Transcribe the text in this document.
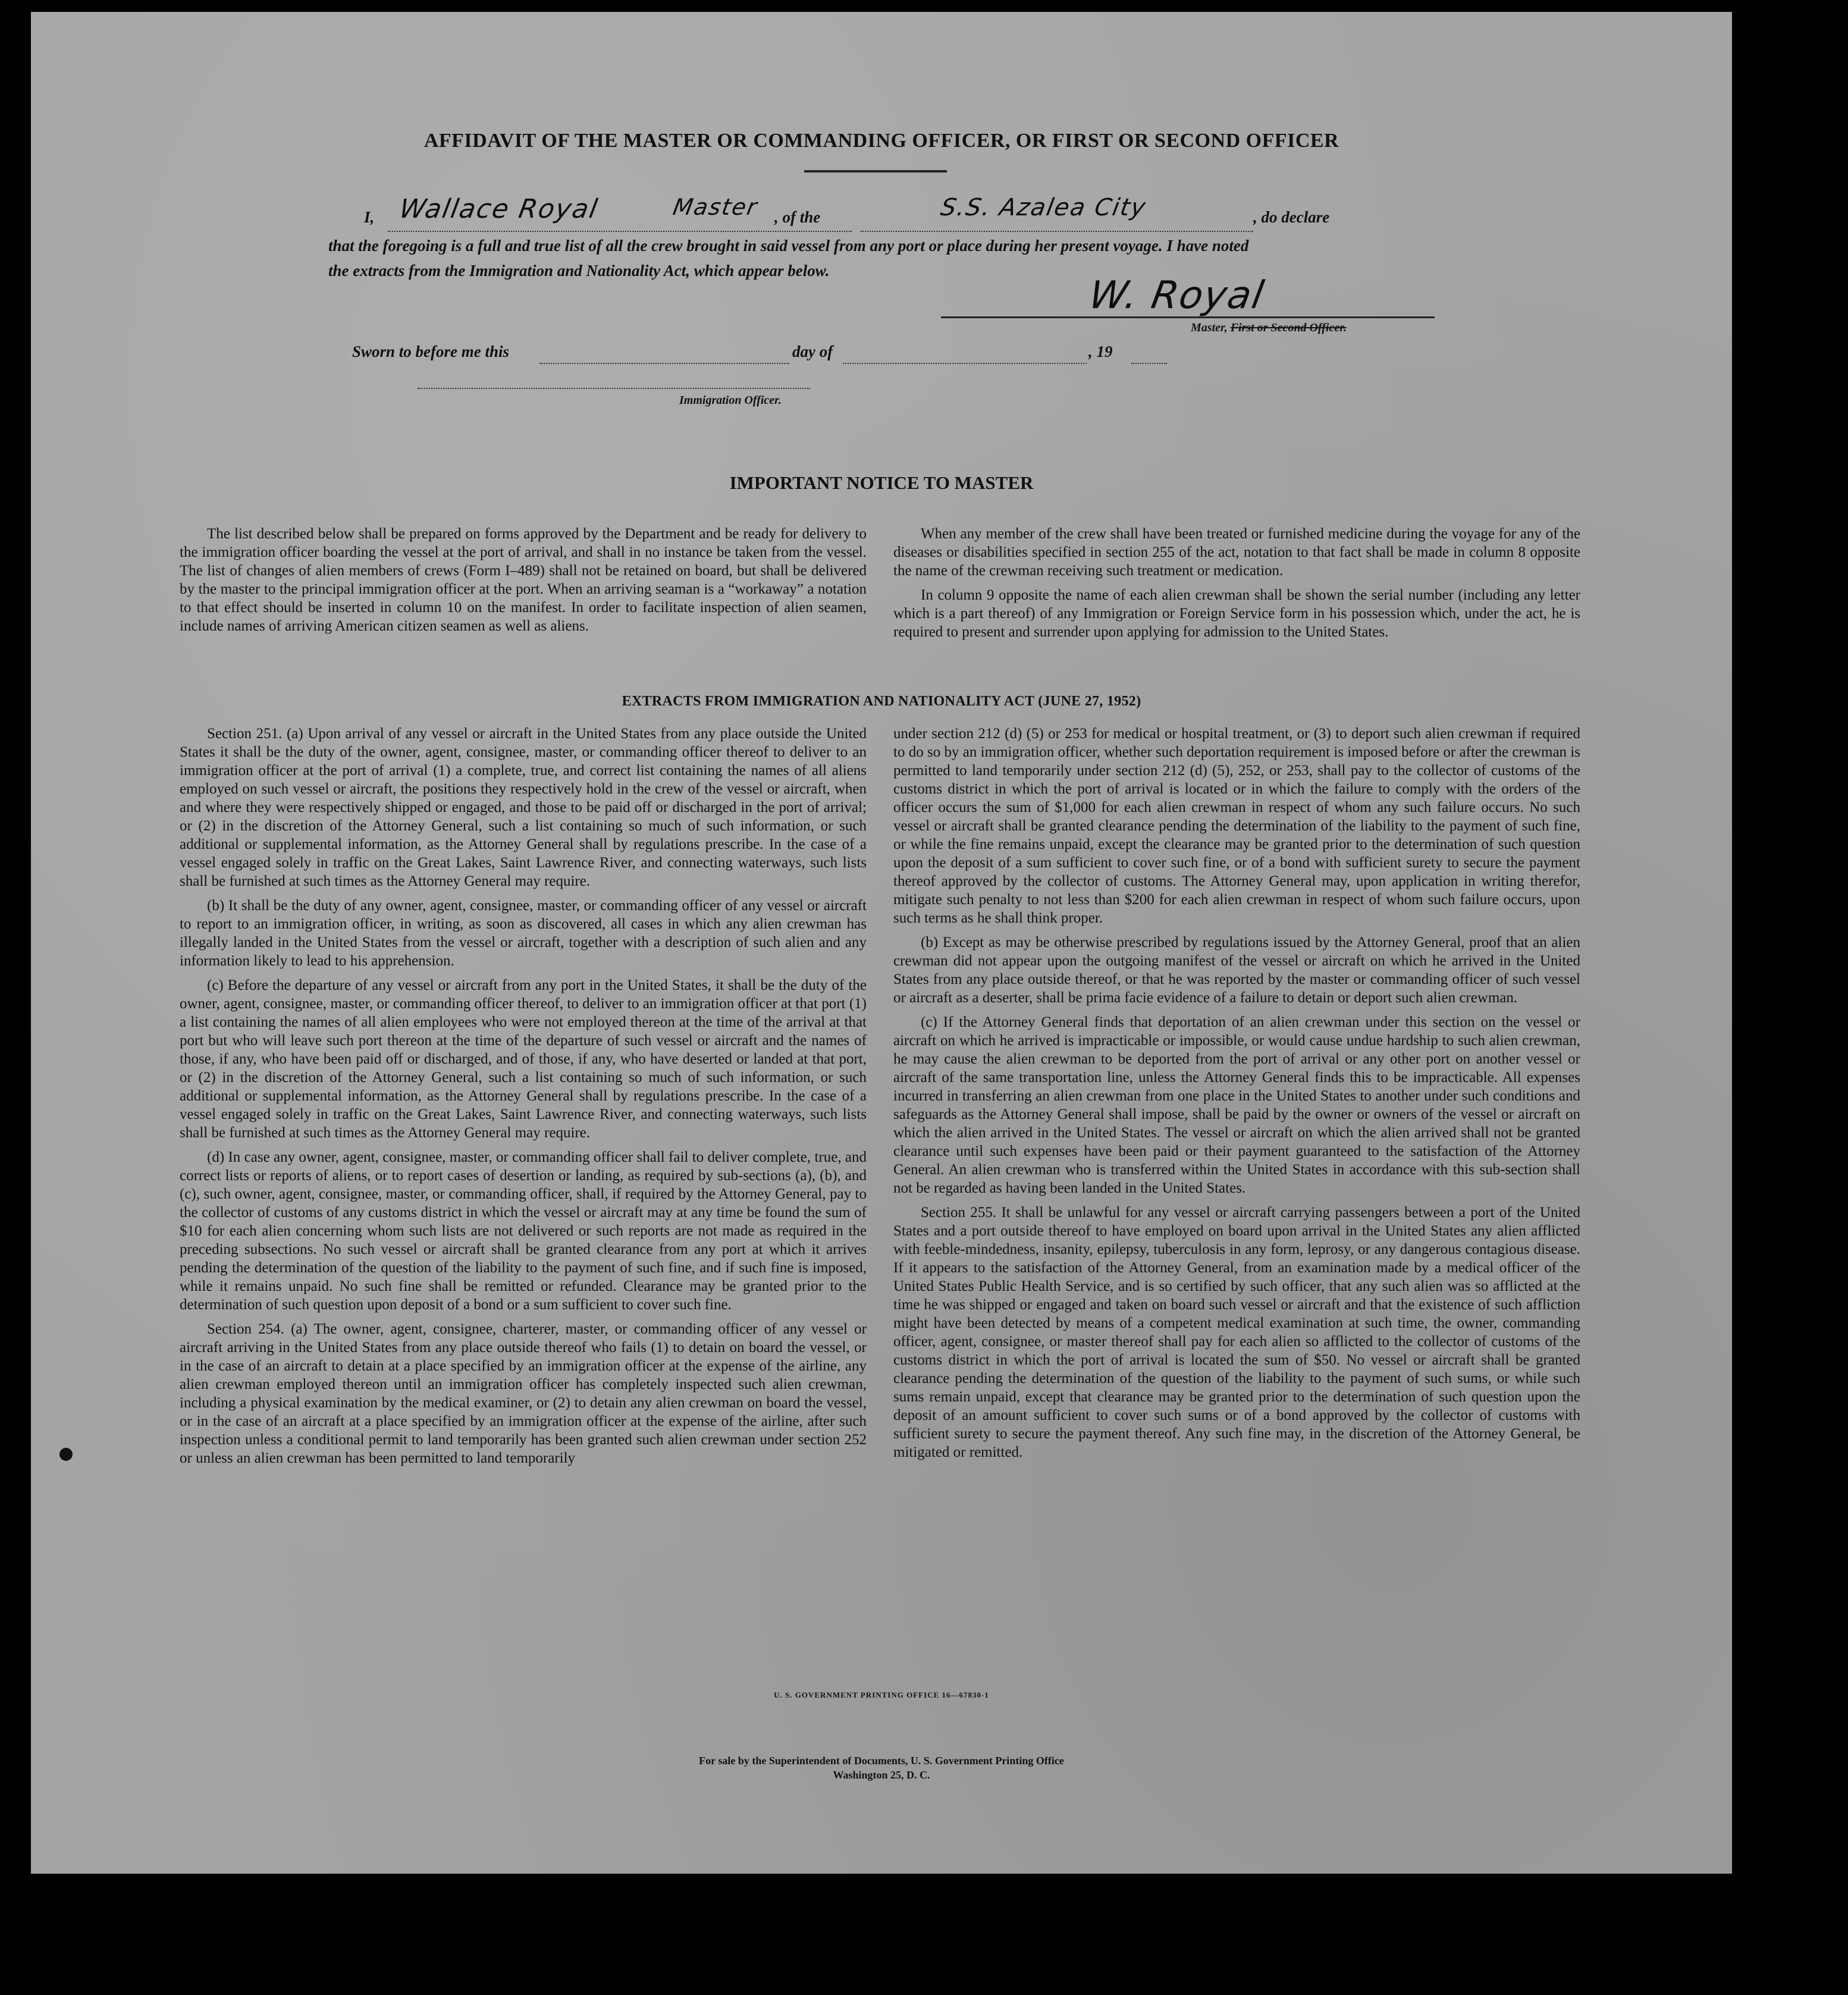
AFFIDAVIT OF THE MASTER OR COMMANDING OFFICER, OR FIRST OR SECOND OFFICER
I, Wallace Royal	Master , of the	S.S. Azalea City	, do declare
that the foregoing is a full and true list of all the crew brought in said vessel from any port or place during her present voyage. I have noted
the extracts from the Immigration and Nationality Act, which appear below.
W. Royal
Master, First or Second Officer.
Sworn to before me this	day of	, 19
Immigration Officer.
IMPORTANT NOTICE TO MASTER

The list described below shall be prepared on forms approved by the Department and be ready for delivery to the immigration officer boarding the vessel at the port of arrival, and shall in no instance be taken from the vessel. The list of changes of alien members of crews (Form I–489) shall not be retained on board, but shall be delivered by the master to the principal immigration officer at the port. When an arriving seaman is a “workaway” a notation to that effect should be inserted in column 10 on the manifest. In order to facilitate inspection of alien seamen, include names of arriving American citizen seamen as well as aliens.

When any member of the crew shall have been treated or furnished medicine during the voyage for any of the diseases or disabilities specified in section 255 of the act, notation to that fact shall be made in column 8 opposite the name of the crewman receiving such treatment or medication.

In column 9 opposite the name of each alien crewman shall be shown the serial number (including any letter which is a part thereof) of any Immigration or Foreign Service form in his possession which, under the act, he is required to present and surrender upon applying for admission to the United States.

EXTRACTS FROM IMMIGRATION AND NATIONALITY ACT (JUNE 27, 1952)

Section 251. (a) Upon arrival of any vessel or aircraft in the United States from any place outside the United States it shall be the duty of the owner, agent, consignee, master, or commanding officer thereof to deliver to an immigration officer at the port of arrival (1) a complete, true, and correct list containing the names of all aliens employed on such vessel or aircraft, the positions they respectively hold in the crew of the vessel or aircraft, when and where they were respectively shipped or engaged, and those to be paid off or discharged in the port of arrival; or (2) in the discretion of the Attorney General, such a list containing so much of such information, or such additional or supplemental information, as the Attorney General shall by regulations prescribe. In the case of a vessel engaged solely in traffic on the Great Lakes, Saint Lawrence River, and connecting waterways, such lists shall be furnished at such times as the Attorney General may require.

(b) It shall be the duty of any owner, agent, consignee, master, or commanding officer of any vessel or aircraft to report to an immigration officer, in writing, as soon as discovered, all cases in which any alien crewman has illegally landed in the United States from the vessel or aircraft, together with a description of such alien and any information likely to lead to his apprehension.

(c) Before the departure of any vessel or aircraft from any port in the United States, it shall be the duty of the owner, agent, consignee, master, or commanding officer thereof, to deliver to an immigration officer at that port (1) a list containing the names of all alien employees who were not employed thereon at the time of the arrival at that port but who will leave such port thereon at the time of the departure of such vessel or aircraft and the names of those, if any, who have been paid off or discharged, and of those, if any, who have deserted or landed at that port, or (2) in the discretion of the Attorney General, such a list containing so much of such information, or such additional or supplemental information, as the Attorney General shall by regulations prescribe. In the case of a vessel engaged solely in traffic on the Great Lakes, Saint Lawrence River, and connecting waterways, such lists shall be furnished at such times as the Attorney General may require.

(d) In case any owner, agent, consignee, master, or commanding officer shall fail to deliver complete, true, and correct lists or reports of aliens, or to report cases of desertion or landing, as required by sub-sections (a), (b), and (c), such owner, agent, consignee, master, or commanding officer, shall, if required by the Attorney General, pay to the collector of customs of any customs district in which the vessel or aircraft may at any time be found the sum of $10 for each alien concerning whom such lists are not delivered or such reports are not made as required in the preceding subsections. No such vessel or aircraft shall be granted clearance from any port at which it arrives pending the determination of the question of the liability to the payment of such fine, and if such fine is imposed, while it remains unpaid. No such fine shall be remitted or refunded. Clearance may be granted prior to the determination of such question upon deposit of a bond or a sum sufficient to cover such fine.

Section 254. (a) The owner, agent, consignee, charterer, master, or commanding officer of any vessel or aircraft arriving in the United States from any place outside thereof who fails (1) to detain on board the vessel, or in the case of an aircraft to detain at a place specified by an immigration officer at the expense of the airline, any alien crewman employed thereon until an immigration officer has completely inspected such alien crewman, including a physical examination by the medical examiner, or (2) to detain any alien crewman on board the vessel, or in the case of an aircraft at a place specified by an immigration officer at the expense of the airline, after such inspection unless a conditional permit to land temporarily has been granted such alien crewman under section 252 or unless an alien crewman has been permitted to land temporarily

under section 212 (d) (5) or 253 for medical or hospital treatment, or (3) to deport such alien crewman if required to do so by an immigration officer, whether such deportation requirement is imposed before or after the crewman is permitted to land temporarily under section 212 (d) (5), 252, or 253, shall pay to the collector of customs of the customs district in which the port of arrival is located or in which the failure to comply with the orders of the officer occurs the sum of $1,000 for each alien crewman in respect of whom any such failure occurs. No such vessel or aircraft shall be granted clearance pending the determination of the liability to the payment of such fine, or while the fine remains unpaid, except the clearance may be granted prior to the determination of such question upon the deposit of a sum sufficient to cover such fine, or of a bond with sufficient surety to secure the payment thereof approved by the collector of customs. The Attorney General may, upon application in writing therefor, mitigate such penalty to not less than $200 for each alien crewman in respect of whom such failure occurs, upon such terms as he shall think proper.

(b) Except as may be otherwise prescribed by regulations issued by the Attorney General, proof that an alien crewman did not appear upon the outgoing manifest of the vessel or aircraft on which he arrived in the United States from any place outside thereof, or that he was reported by the master or commanding officer of such vessel or aircraft as a deserter, shall be prima facie evidence of a failure to detain or deport such alien crewman.

(c) If the Attorney General finds that deportation of an alien crewman under this section on the vessel or aircraft on which he arrived is impracticable or impossible, or would cause undue hardship to such alien crewman, he may cause the alien crewman to be deported from the port of arrival or any other port on another vessel or aircraft of the same transportation line, unless the Attorney General finds this to be impracticable. All expenses incurred in transferring an alien crewman from one place in the United States to another under such conditions and safeguards as the Attorney General shall impose, shall be paid by the owner or owners of the vessel or aircraft on which the alien arrived in the United States. The vessel or aircraft on which the alien arrived shall not be granted clearance until such expenses have been paid or their payment guaranteed to the satisfaction of the Attorney General. An alien crewman who is transferred within the United States in accordance with this sub-section shall not be regarded as having been landed in the United States.

Section 255. It shall be unlawful for any vessel or aircraft carrying passengers between a port of the United States and a port outside thereof to have employed on board upon arrival in the United States any alien afflicted with feeble-mindedness, insanity, epilepsy, tuberculosis in any form, leprosy, or any dangerous contagious disease. If it appears to the satisfaction of the Attorney General, from an examination made by a medical officer of the United States Public Health Service, and is so certified by such officer, that any such alien was so afflicted at the time he was shipped or engaged and taken on board such vessel or aircraft and that the existence of such affliction might have been detected by means of a competent medical examination at such time, the owner, commanding officer, agent, consignee, or master thereof shall pay for each alien so afflicted to the collector of customs of the customs district in which the port of arrival is located the sum of $50. No vessel or aircraft shall be granted clearance pending the determination of the question of the liability to the payment of such sums, or while such sums remain unpaid, except that clearance may be granted prior to the determination of such question upon the deposit of an amount sufficient to cover such sums or of a bond approved by the collector of customs with sufficient surety to secure the payment thereof. Any such fine may, in the discretion of the Attorney General, be mitigated or remitted.

U. S. GOVERNMENT PRINTING OFFICE 16—67830-1
For sale by the Superintendent of Documents, U. S. Government Printing Office
Washington 25, D. C.
